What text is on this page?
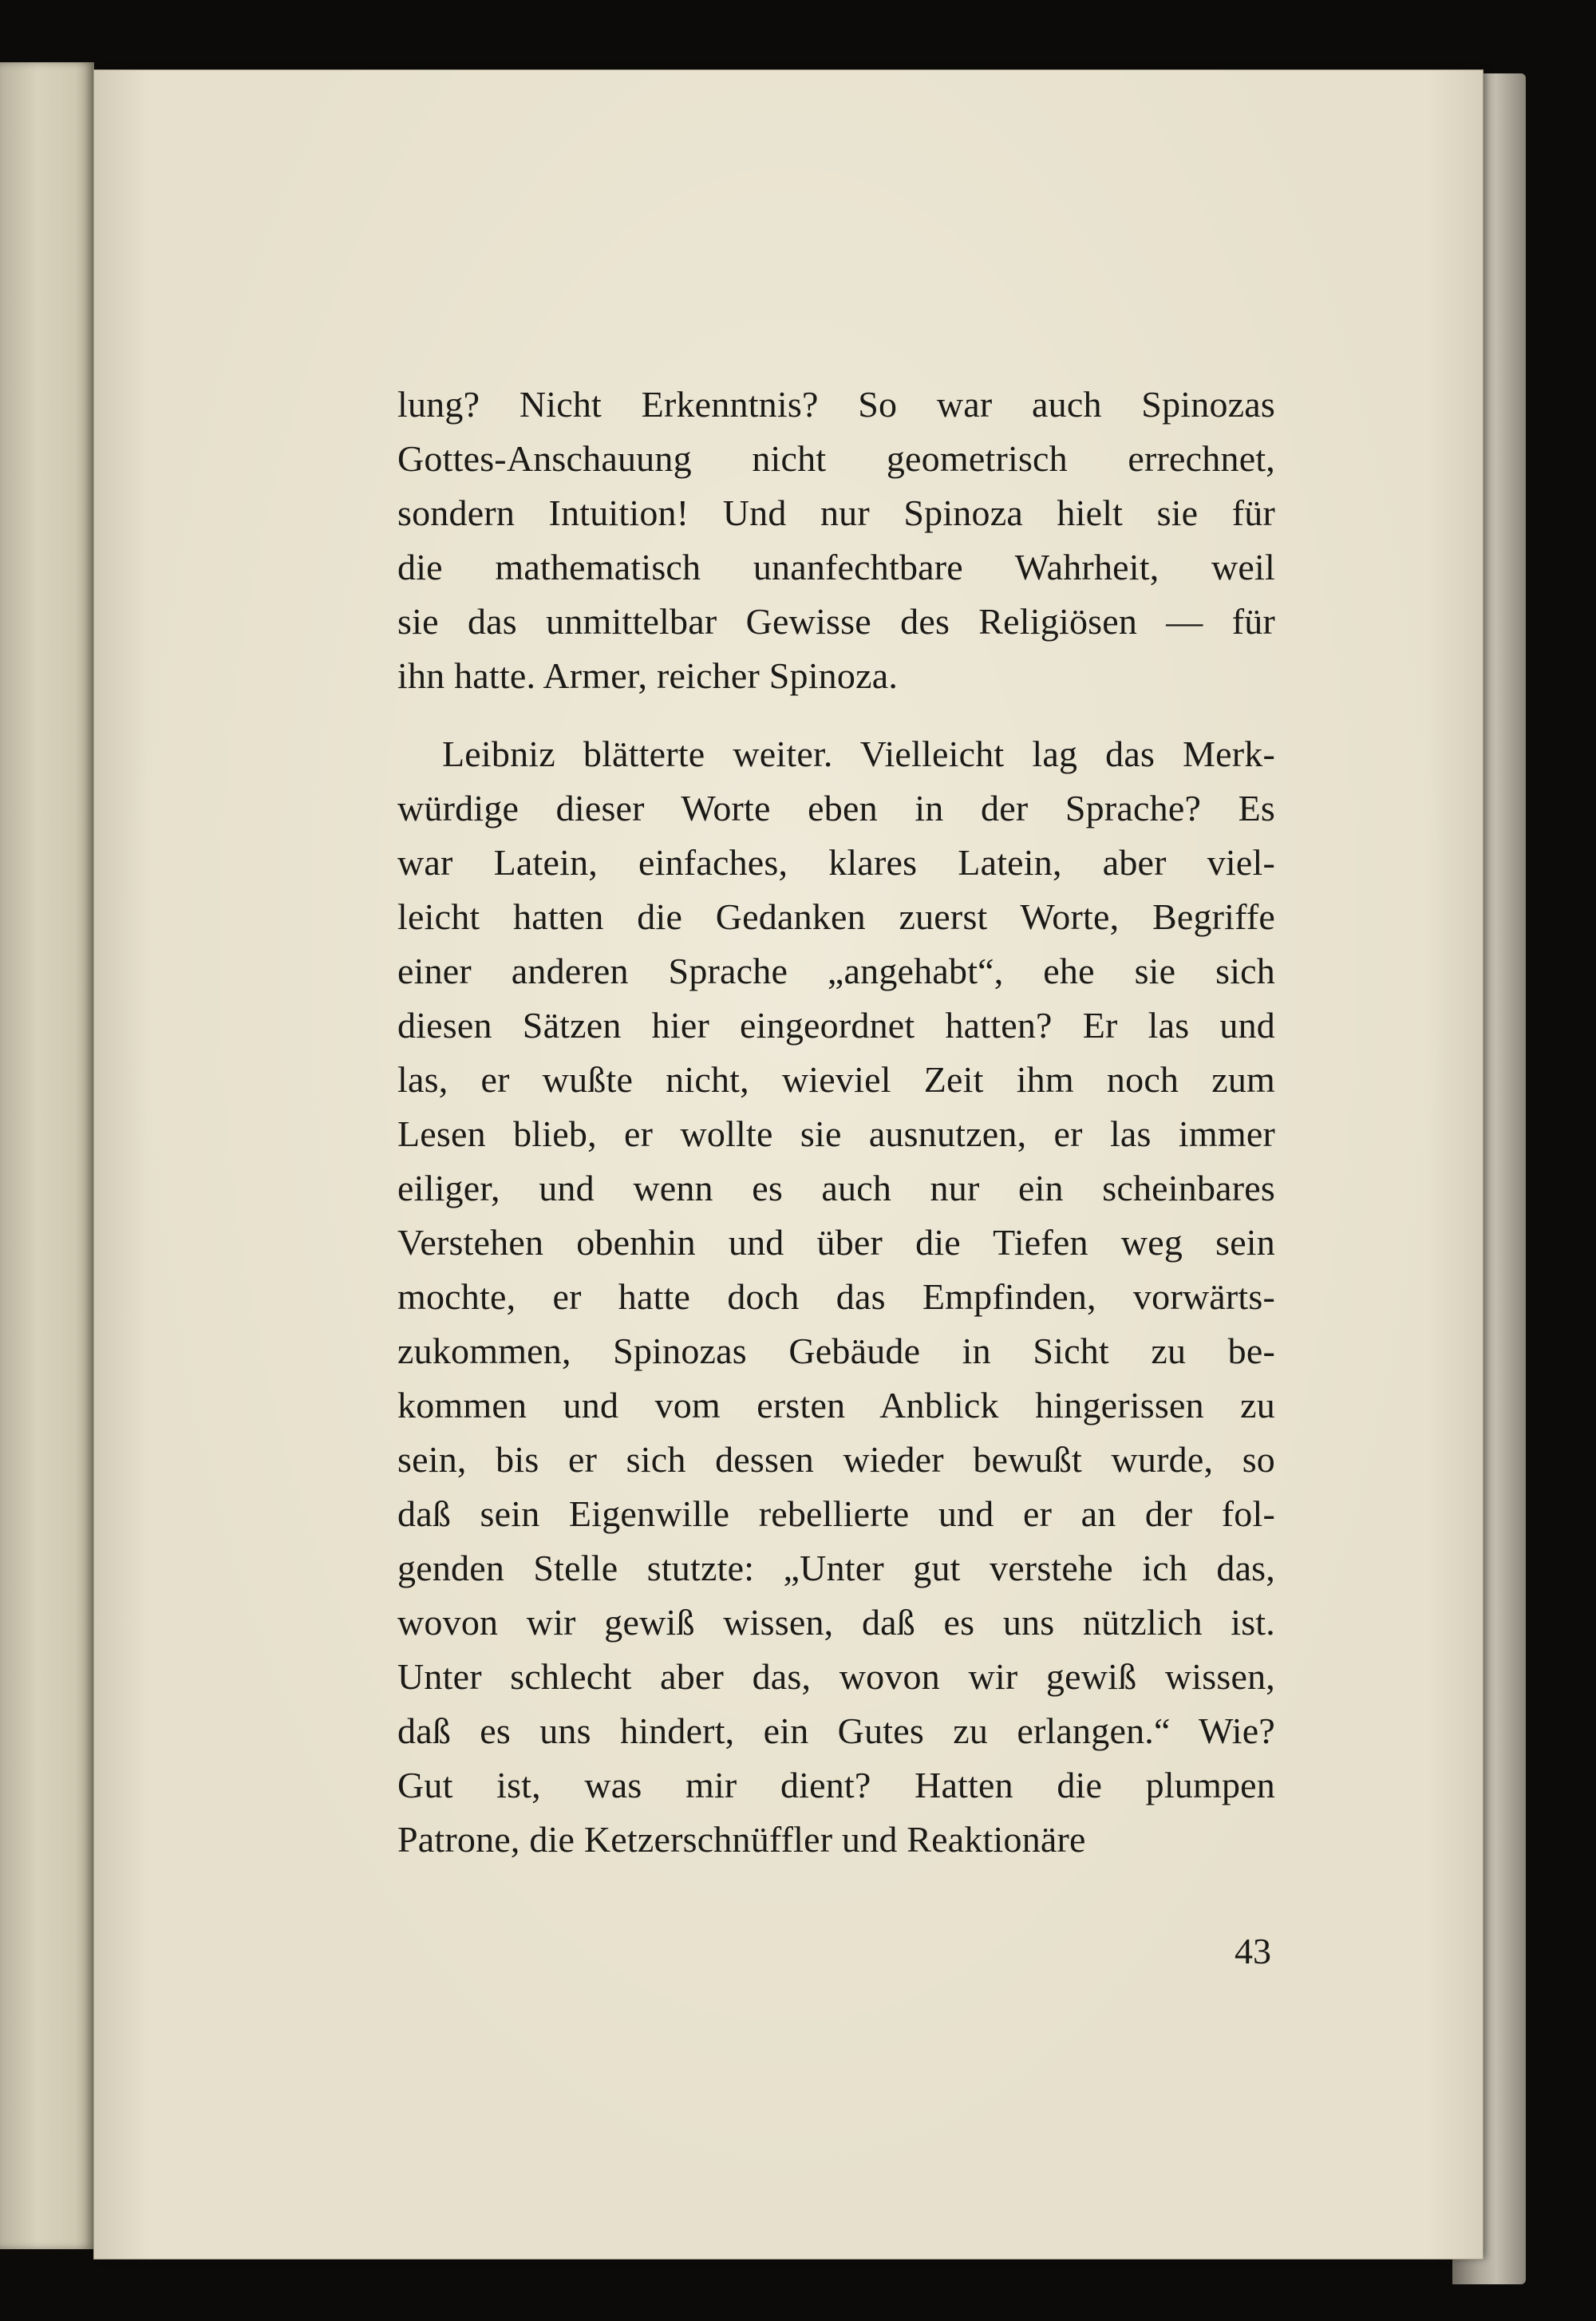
lung? Nicht Erkenntnis? So war auch Spinozas

Gottes-Anschauung nicht geometrisch errechnet,

sondern Intuition! Und nur Spinoza hielt sie für

die mathematisch unanfechtbare Wahrheit, weil

sie das unmittelbar Gewisse des Religiösen — für

ihn hatte. Armer, reicher Spinoza.

Leibniz blätterte weiter. Vielleicht lag das Merk-

würdige dieser Worte eben in der Sprache? Es

war Latein, einfaches, klares Latein, aber viel-

leicht hatten die Gedanken zuerst Worte, Begriffe

einer anderen Sprache „angehabt“, ehe sie sich

diesen Sätzen hier eingeordnet hatten? Er las und

las, er wußte nicht, wieviel Zeit ihm noch zum

Lesen blieb, er wollte sie ausnutzen, er las immer

eiliger, und wenn es auch nur ein scheinbares

Verstehen obenhin und über die Tiefen weg sein

mochte, er hatte doch das Empfinden, vorwärts-

zukommen, Spinozas Gebäude in Sicht zu be-

kommen und vom ersten Anblick hingerissen zu

sein, bis er sich dessen wieder bewußt wurde, so

daß sein Eigenwille rebellierte und er an der fol-

genden Stelle stutzte: „Unter gut verstehe ich das,

wovon wir gewiß wissen, daß es uns nützlich ist.

Unter schlecht aber das, wovon wir gewiß wissen,

daß es uns hindert, ein Gutes zu erlangen.“ Wie?

Gut ist, was mir dient? Hatten die plumpen

Patrone, die Ketzerschnüffler und Reaktionäre

43
